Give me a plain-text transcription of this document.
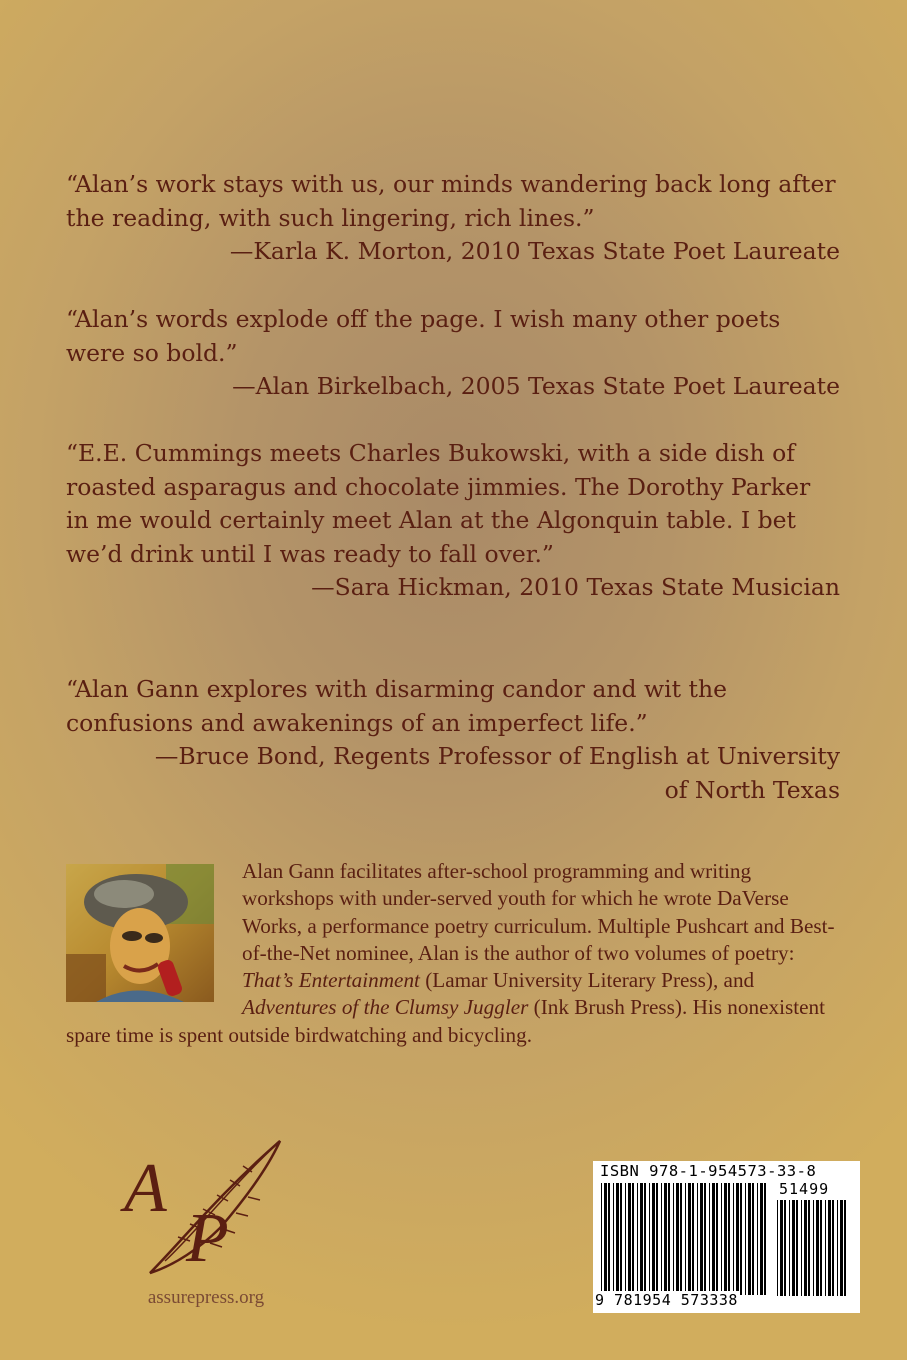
“Alan’s work stays with us, our minds wandering back long after the reading, with such lingering, rich lines.”

—Karla K. Morton, 2010 Texas State Poet Laureate

“Alan’s words explode off the page. I wish many other poets were so bold.”

—Alan Birkelbach, 2005 Texas State Poet Laureate

“E.E. Cummings meets Charles Bukowski, with a side dish of roasted asparagus and chocolate jimmies. The Dorothy Parker in me would certainly meet Alan at the Algonquin table. I bet we’d drink until I was ready to fall over.”

—Sara Hickman, 2010 Texas State Musician

“Alan Gann explores with disarming candor and wit the confusions and awakenings of an imperfect life.”

—Bruce Bond, Regents Professor of English at University

of North Texas

Alan Gann facilitates after-school programming and writing workshops with under-served youth for which he wrote DaVerse Works, a performance poetry curriculum. Multiple Pushcart and Best-of-the-Net nominee, Alan is the author of two volumes of poetry: That’s Entertainment (Lamar University Literary Press), and Adventures of the Clumsy Juggler (Ink Brush Press). His nonexistent spare time is spent outside birdwatching and bicycling.

A
P
assurepress.org
ISBN 978-1-954573-33-8
51499
9 781954 573338
